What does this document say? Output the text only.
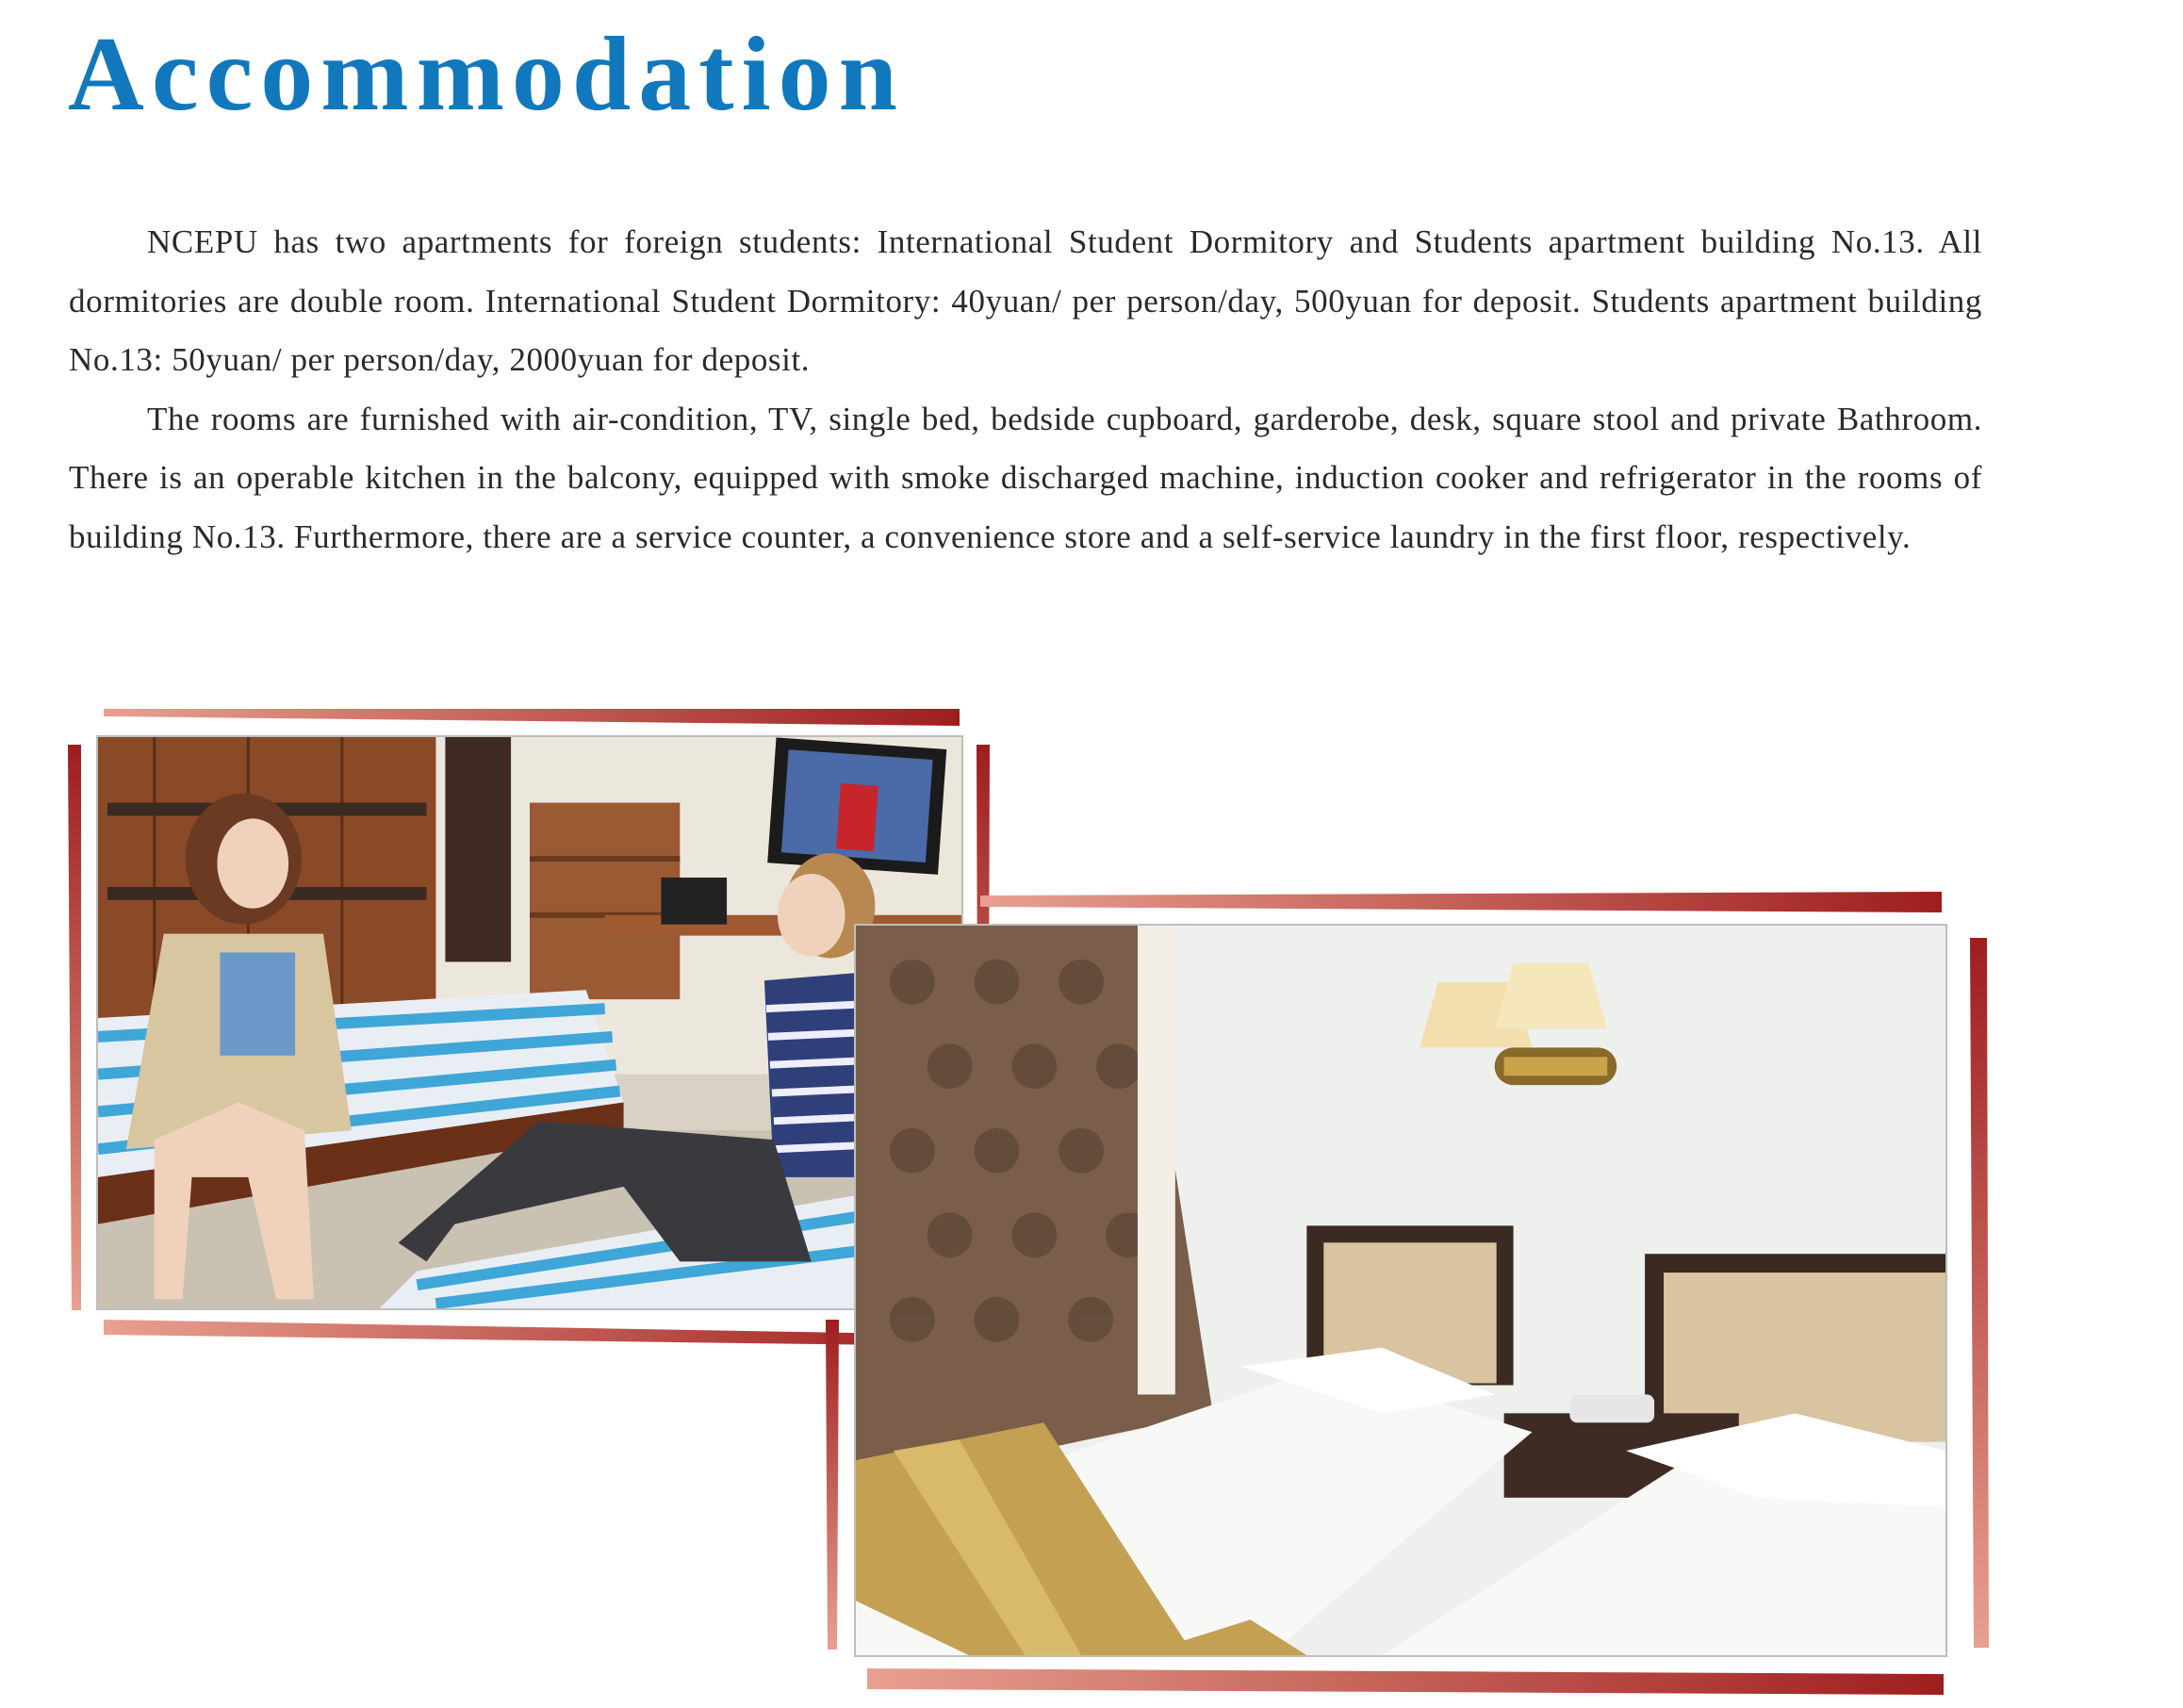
Accommodation

NCEPU has two apartments for foreign students: International Student Dormitory and Students apartment building No.13. All dormitories are double room. International Student Dormitory: 40yuan/ per person/day, 500yuan for deposit. Students apartment building No.13: 50yuan/ per person/day, 2000yuan for deposit.

The rooms are furnished with air-condition, TV, single bed, bedside cupboard, garderobe, desk, square stool and private Bathroom. There is an operable kitchen in the balcony, equipped with smoke discharged machine, induction cooker and refrigerator in the rooms of building No.13. Furthermore, there are a service counter, a convenience store and a self-service laundry in the first floor, respectively.
